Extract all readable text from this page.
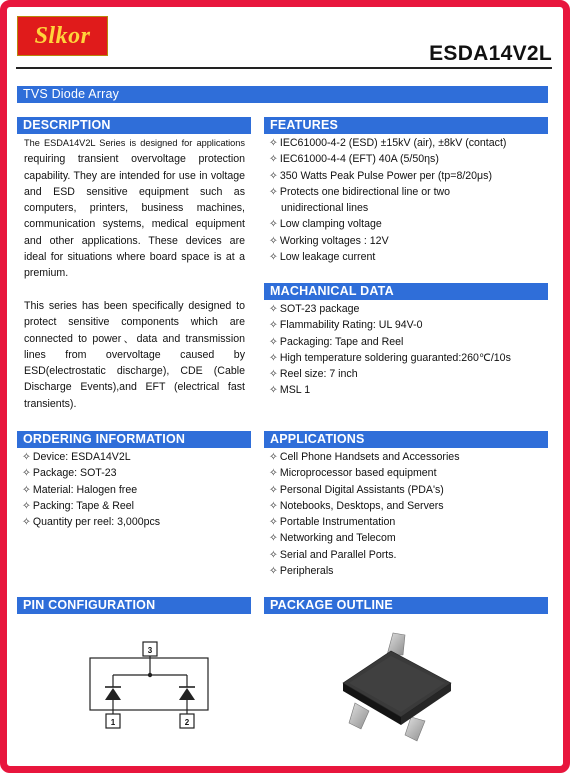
Slkor
ESDA14V2L
TVS Diode Array
DESCRIPTION
The ESDA14V2L Series is designed for applications requiring transient overvoltage protection capability. They are intended for use in voltage and ESD sensitive equipment such as computers, printers, business machines, communication systems, medical equipment and other applications. These devices are ideal for situations where board space is at a premium.
This series has been specifically designed to protect sensitive components which are connected to power、data and transmission lines from overvoltage caused by ESD(electrostatic discharge), CDE (Cable Discharge Events),and EFT (electrical fast transients).
FEATURES
✧ IEC61000-4-2 (ESD) ±15kV (air), ±8kV (contact)
✧ IEC61000-4-4 (EFT) 40A (5/50ηs)
✧ 350 Watts Peak Pulse Power per (tp=8/20μs)
✧ Protects one bidirectional line or two
unidirectional lines
✧ Low clamping voltage
✧ Working voltages : 12V
✧ Low leakage current
MACHANICAL DATA
✧ SOT-23 package
✧ Flammability Rating: UL 94V-0
✧ Packaging: Tape and Reel
✧ High temperature soldering guaranted:260℃/10s
✧ Reel size: 7 inch
✧ MSL 1
ORDERING INFORMATION
✧ Device: ESDA14V2L
✧ Package: SOT-23
✧ Material: Halogen free
✧ Packing: Tape & Reel
✧ Quantity per reel: 3,000pcs
APPLICATIONS
✧ Cell Phone Handsets and Accessories
✧ Microprocessor based equipment
✧ Personal Digital Assistants (PDA's)
✧ Notebooks, Desktops, and Servers
✧ Portable Instrumentation
✧ Networking and Telecom
✧ Serial and Parallel Ports.
✧ Peripherals
PIN CONFIGURATION
3
1	2
PACKAGE OUTLINE
